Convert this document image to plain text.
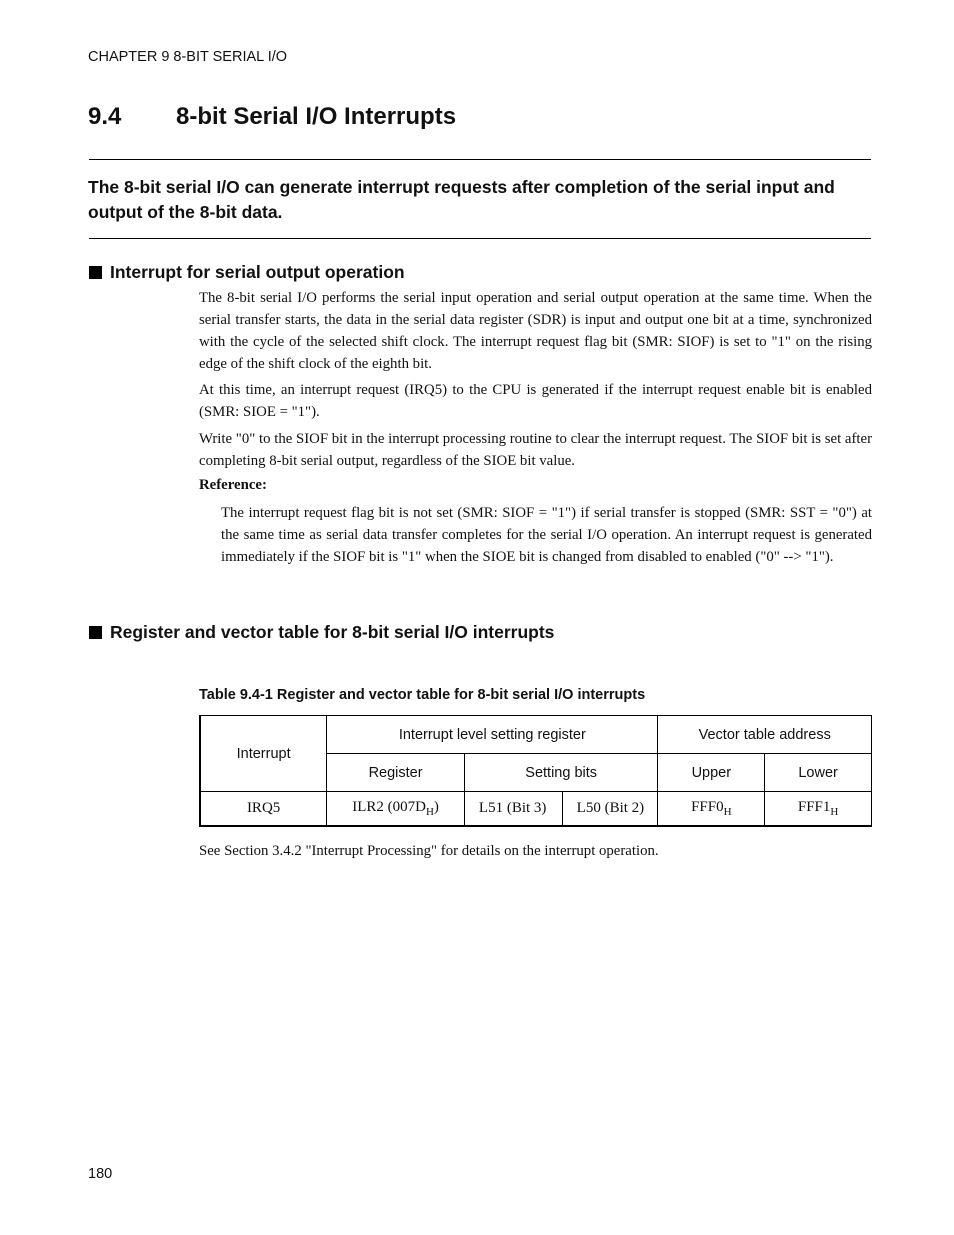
CHAPTER 9 8-BIT SERIAL I/O
9.4 8-bit Serial I/O Interrupts
The 8-bit serial I/O can generate interrupt requests after completion of the serial input and output of the 8-bit data.
Interrupt for serial output operation
The 8-bit serial I/O performs the serial input operation and serial output operation at the same time. When the serial transfer starts, the data in the serial data register (SDR) is input and output one bit at a time, synchronized with the cycle of the selected shift clock. The interrupt request flag bit (SMR: SIOF) is set to "1" on the rising edge of the shift clock of the eighth bit.
At this time, an interrupt request (IRQ5) to the CPU is generated if the interrupt request enable bit is enabled (SMR: SIOE = "1").
Write "0" to the SIOF bit in the interrupt processing routine to clear the interrupt request. The SIOF bit is set after completing 8-bit serial output, regardless of the SIOE bit value.
Reference:
The interrupt request flag bit is not set (SMR: SIOF = "1") if serial transfer is stopped (SMR: SST = "0") at the same time as serial data transfer completes for the serial I/O operation. An interrupt request is generated immediately if the SIOF bit is "1" when the SIOE bit is changed from disabled to enabled ("0" --> "1").
Register and vector table for 8-bit serial I/O interrupts
Table 9.4-1 Register and vector table for 8-bit serial I/O interrupts
Interrupt	Interrupt level setting register			Vector table address	
	Register	Setting bits		Upper	Lower
IRQ5	ILR2 $(007D_H)$	L51 (Bit 3)	L50 (Bit 2)	$FFF0_H$	$FFF1_H$
See Section 3.4.2 "Interrupt Processing" for details on the interrupt operation.
180
